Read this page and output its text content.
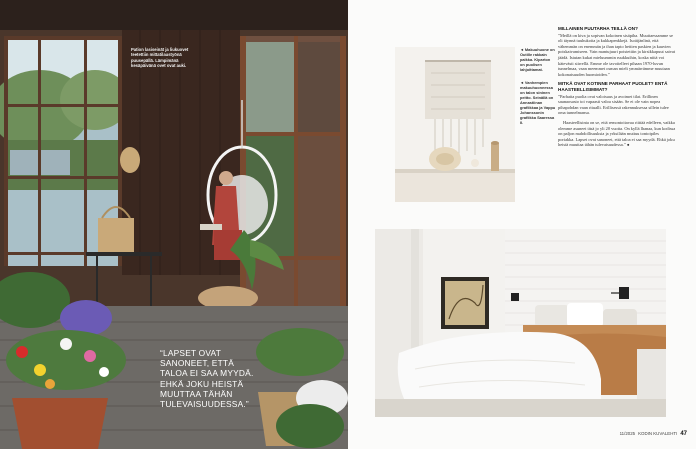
Pation lasiseinät ja liukuovet teetettiin mittatilaustyönä puusepällä. Lämpimänä kesäpäivänä ovet ovat auki.
“LAPSET OVAT SANONEET, ETTÄ TALOA EI SAA MYYDÄ. EHKÄ JOKU HEISTÄ MUUTTAA TÄHÄN TULEVAISUUDESSA.”

◄ Makuuhuone on Outille rakkain paikka. Kiparton on puolisen lahjoittamat.

◄ Vanhempien makuuhuoneessa on talon sininen peitto. Seinällä on Annastiinan grafiikkaa ja Vappu Johanssonin grafiikka Saaressa II.

MILLAINEN PUUTARHA TEILLÄ ON?

”Meillä on kiva ja sopivan kokoinen sisäpiha. Muuttaessamme se oli täynnä tuuhukoita ja kukkapenkkejä. Isoäijänlinä, että vähemmän on enemmän ja ihan tapto hettien paskien ja kauvien poiskaivamiseen. Vain mantujuuri poistettiin ja kirsikkapuut saivat jäädä. Istutan kukat mieluummin ruukkuihin, koska niitä voi kätevästi siirrellä. Emme ole tavoitelleet pihaan 1970-luvun tunnelmaa, vaan meemmet osman mielt ymmärrämme muutaan kokonaisuuden huomioiden.”

MITKÄ OVAT KOTINNE PARHAAT PUOLET? ENTÄ HAASTEELLISIMMAT?

”Parhaita puolia ovat valoisuus ja avoimet tilat. Erillinen saunaosasto toi vapaasti valoa sisään. Se ei ole vain nopea pihapohdan vaan ritualli. Erillisessä rakennuksessa sillein tulee oma tunnelmansa.

Haasteellisinta on se, että remontoitavaa riittää edelleen, vaikka olemme asuneet täsä jo yli 20 vuotta. On kyllä lhanaa, kun kodissa on paljon mahdollisuuksia ja yrksilään muttuu tontoipiles poriakka. Lapset ovat sanoneet, että taloa ei saa myydä. Ehkä joku heistä muuttaa tähän tulevaisuudessa.” ●

11/2025 KODIN KUVALEHTI 47
